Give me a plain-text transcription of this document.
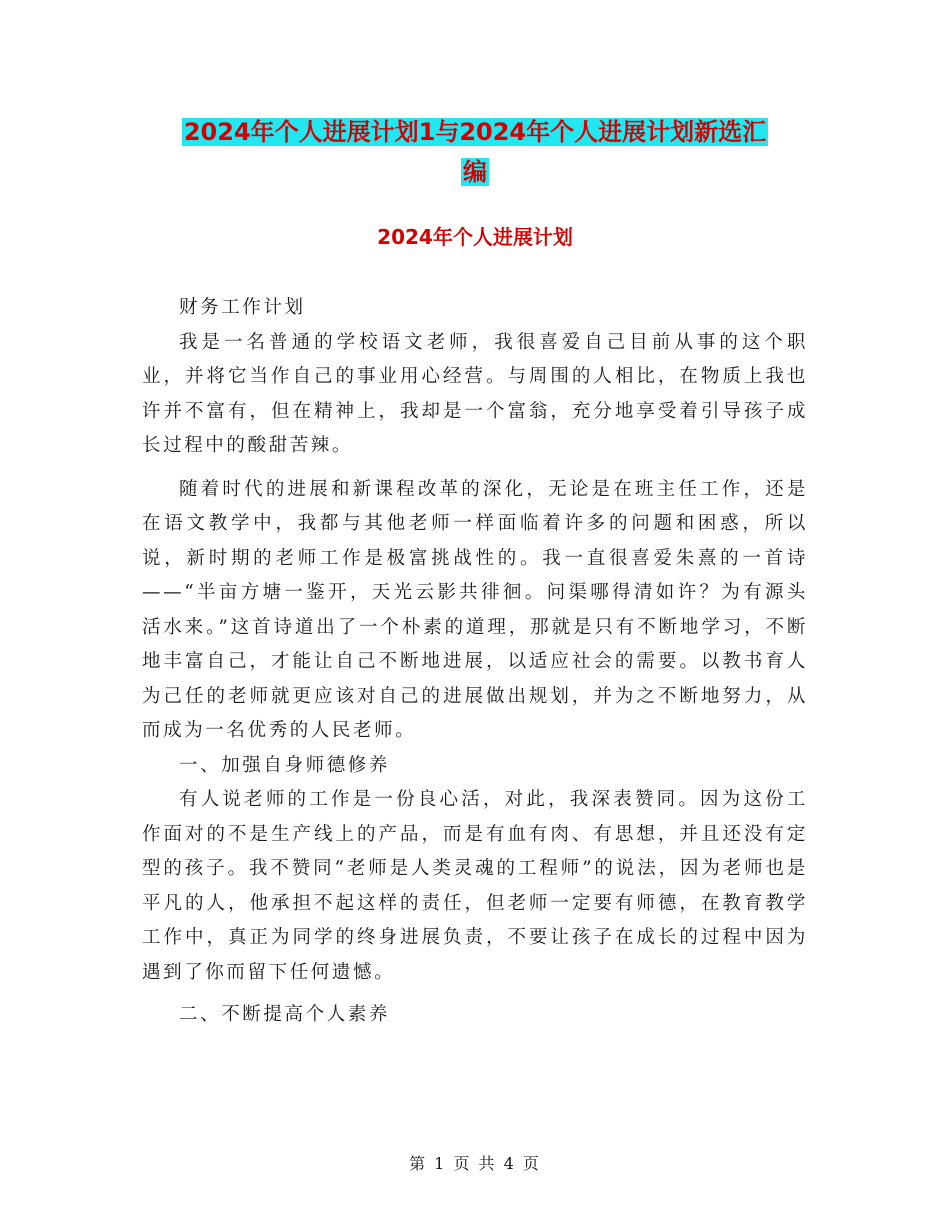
2024年个人进展计划1与2024年个人进展计划新选汇
编
2024年个人进展计划

财务工作计划

我是一名普通的学校语文老师，我很喜爱自己目前从事的这个职业，并将它当作自己的事业用心经营。与周围的人相比，在物质上我也许并不富有，但在精神上，我却是一个富翁，充分地享受着引导孩子成长过程中的酸甜苦辣。

随着时代的进展和新课程改革的深化，无论是在班主任工作，还是在语文教学中，我都与其他老师一样面临着许多的问题和困惑，所以说，新时期的老师工作是极富挑战性的。我一直很喜爱朱熹的一首诗——“半亩方塘一鉴开，天光云影共徘徊。问渠哪得清如许？为有源头活水来。”这首诗道出了一个朴素的道理，那就是只有不断地学习，不断地丰富自己，才能让自己不断地进展，以适应社会的需要。以教书育人为己任的老师就更应该对自己的进展做出规划，并为之不断地努力，从而成为一名优秀的人民老师。

一、加强自身师德修养

有人说老师的工作是一份良心活，对此，我深表赞同。因为这份工作面对的不是生产线上的产品，而是有血有肉、有思想，并且还没有定型的孩子。我不赞同“老师是人类灵魂的工程师”的说法，因为老师也是平凡的人，他承担不起这样的责任，但老师一定要有师德，在教育教学工作中，真正为同学的终身进展负责，不要让孩子在成长的过程中因为遇到了你而留下任何遗憾。

二、不断提高个人素养

第 1 页 共 4 页
